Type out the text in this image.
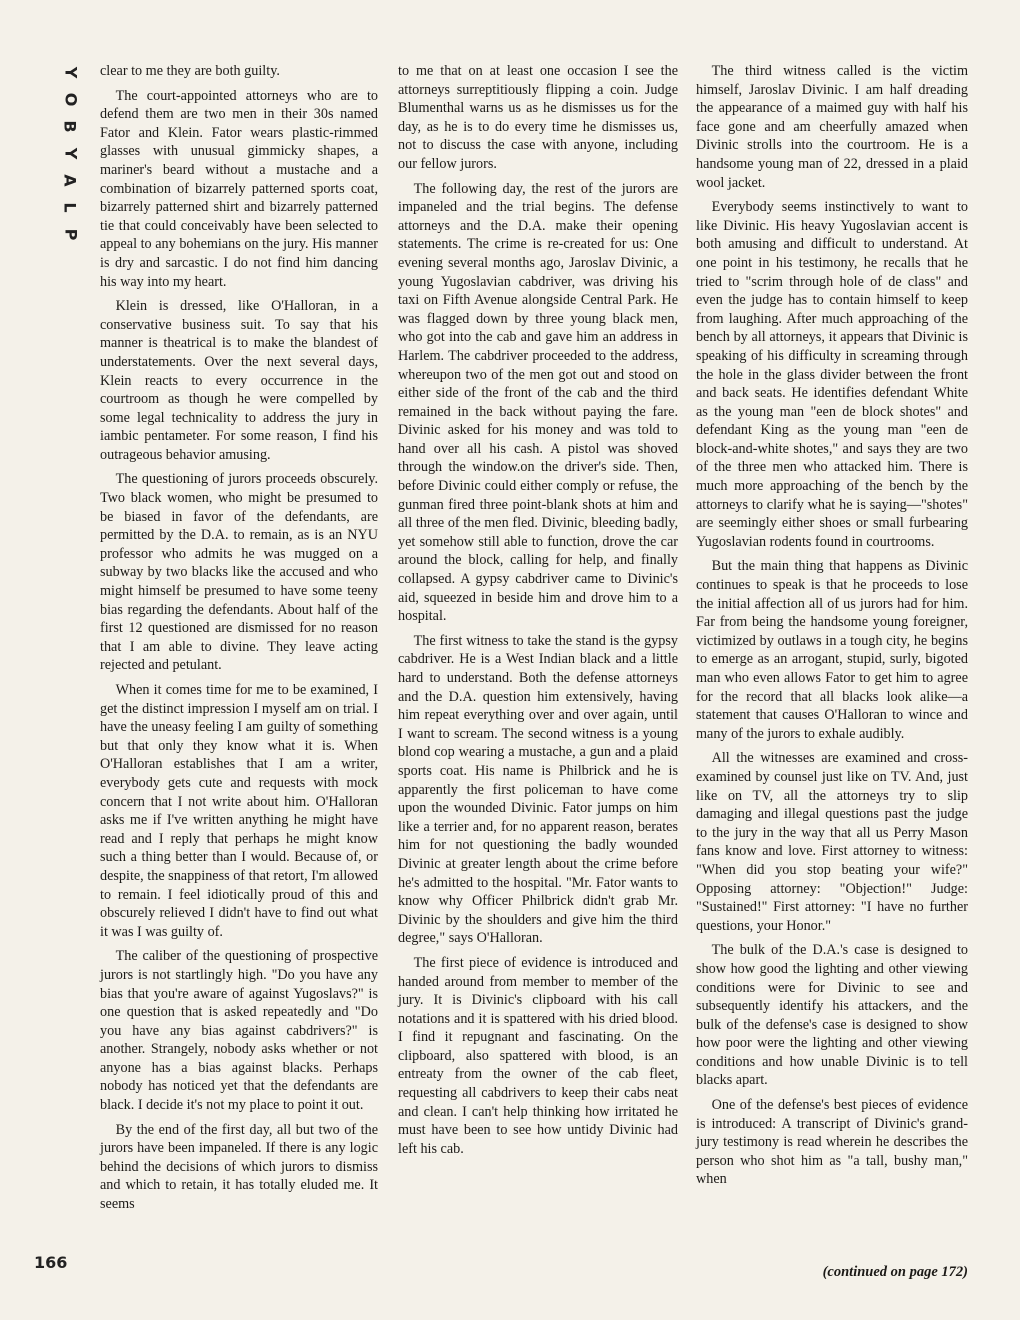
Y
O
B
Y
A
L
P

clear to me they are both guilty.

The court-appointed attorneys who are to defend them are two men in their 30s named Fator and Klein. Fator wears plastic-rimmed glasses with unusual gimmicky shapes, a mariner's beard without a mustache and a combination of bizarrely patterned sports coat, bizarrely patterned shirt and bizarrely patterned tie that could conceivably have been selected to appeal to any bohemians on the jury. His manner is dry and sarcastic. I do not find him dancing his way into my heart.

Klein is dressed, like O'Halloran, in a conservative business suit. To say that his manner is theatrical is to make the blandest of understatements. Over the next several days, Klein reacts to every occurrence in the courtroom as though he were compelled by some legal technicality to address the jury in iambic pentameter. For some reason, I find his outrageous behavior amusing.

The questioning of jurors proceeds obscurely. Two black women, who might be presumed to be biased in favor of the defendants, are permitted by the D.A. to remain, as is an NYU professor who admits he was mugged on a subway by two blacks like the accused and who might himself be presumed to have some teeny bias regarding the defendants. About half of the first 12 questioned are dismissed for no reason that I am able to divine. They leave acting rejected and petulant.

When it comes time for me to be examined, I get the distinct impression I myself am on trial. I have the uneasy feeling I am guilty of something but that only they know what it is. When O'Halloran establishes that I am a writer, everybody gets cute and requests with mock concern that I not write about him. O'Halloran asks me if I've written anything he might have read and I reply that perhaps he might know such a thing better than I would. Because of, or despite, the snappiness of that retort, I'm allowed to remain. I feel idiotically proud of this and obscurely relieved I didn't have to find out what it was I was guilty of.

The caliber of the questioning of prospective jurors is not startlingly high. "Do you have any bias that you're aware of against Yugoslavs?" is one question that is asked repeatedly and "Do you have any bias against cabdrivers?" is another. Strangely, nobody asks whether or not anyone has a bias against blacks. Perhaps nobody has noticed yet that the defendants are black. I decide it's not my place to point it out.

By the end of the first day, all but two of the jurors have been impaneled. If there is any logic behind the decisions of which jurors to dismiss and which to retain, it has totally eluded me. It seems

to me that on at least one occasion I see the attorneys surreptitiously flipping a coin. Judge Blumenthal warns us as he dismisses us for the day, as he is to do every time he dismisses us, not to discuss the case with anyone, including our fellow jurors.

The following day, the rest of the jurors are impaneled and the trial begins. The defense attorneys and the D.A. make their opening statements. The crime is re-created for us: One evening several months ago, Jaroslav Divinic, a young Yugoslavian cabdriver, was driving his taxi on Fifth Avenue alongside Central Park. He was flagged down by three young black men, who got into the cab and gave him an address in Harlem. The cabdriver proceeded to the address, whereupon two of the men got out and stood on either side of the front of the cab and the third remained in the back without paying the fare. Divinic asked for his money and was told to hand over all his cash. A pistol was shoved through the window.on the driver's side. Then, before Divinic could either comply or refuse, the gunman fired three point-blank shots at him and all three of the men fled. Divinic, bleeding badly, yet somehow still able to function, drove the car around the block, calling for help, and finally collapsed. A gypsy cabdriver came to Divinic's aid, squeezed in beside him and drove him to a hospital.

The first witness to take the stand is the gypsy cabdriver. He is a West Indian black and a little hard to understand. Both the defense attorneys and the D.A. question him extensively, having him repeat everything over and over again, until I want to scream. The second witness is a young blond cop wearing a mustache, a gun and a plaid sports coat. His name is Philbrick and he is apparently the first policeman to have come upon the wounded Divinic. Fator jumps on him like a terrier and, for no apparent reason, berates him for not questioning the badly wounded Divinic at greater length about the crime before he's admitted to the hospital. "Mr. Fator wants to know why Officer Philbrick didn't grab Mr. Divinic by the shoulders and give him the third degree," says O'Halloran.

The first piece of evidence is introduced and handed around from member to member of the jury. It is Divinic's clipboard with his call notations and it is spattered with his dried blood. I find it repugnant and fascinating. On the clipboard, also spattered with blood, is an entreaty from the owner of the cab fleet, requesting all cabdrivers to keep their cabs neat and clean. I can't help thinking how irritated he must have been to see how untidy Divinic had left his cab.

The third witness called is the victim himself, Jaroslav Divinic. I am half dreading the appearance of a maimed guy with half his face gone and am cheerfully amazed when Divinic strolls into the courtroom. He is a handsome young man of 22, dressed in a plaid wool jacket.

Everybody seems instinctively to want to like Divinic. His heavy Yugoslavian accent is both amusing and difficult to understand. At one point in his testimony, he recalls that he tried to "scrim through hole of de class" and even the judge has to contain himself to keep from laughing. After much approaching of the bench by all attorneys, it appears that Divinic is speaking of his difficulty in screaming through the hole in the glass divider between the front and back seats. He identifies defendant White as the young man "een de block shotes" and defendant King as the young man "een de block-and-white shotes," and says they are two of the three men who attacked him. There is much more approaching of the bench by the attorneys to clarify what he is saying—"shotes" are seemingly either shoes or small furbearing Yugoslavian rodents found in courtrooms.

But the main thing that happens as Divinic continues to speak is that he proceeds to lose the initial affection all of us jurors had for him. Far from being the handsome young foreigner, victimized by outlaws in a tough city, he begins to emerge as an arrogant, stupid, surly, bigoted man who even allows Fator to get him to agree for the record that all blacks look alike—a statement that causes O'Halloran to wince and many of the jurors to exhale audibly.

All the witnesses are examined and cross-examined by counsel just like on TV. And, just like on TV, all the attorneys try to slip damaging and illegal questions past the judge to the jury in the way that all us Perry Mason fans know and love. First attorney to witness: "When did you stop beating your wife?" Opposing attorney: "Objection!" Judge: "Sustained!" First attorney: "I have no further questions, your Honor."

The bulk of the D.A.'s case is designed to show how good the lighting and other viewing conditions were for Divinic to see and subsequently identify his attackers, and the bulk of the defense's case is designed to show how poor were the lighting and other viewing conditions and how unable Divinic is to tell blacks apart.

One of the defense's best pieces of evidence is introduced: A transcript of Divinic's grand-jury testimony is read wherein he describes the person who shot him as "a tall, bushy man," when

166	(continued on page 172)
